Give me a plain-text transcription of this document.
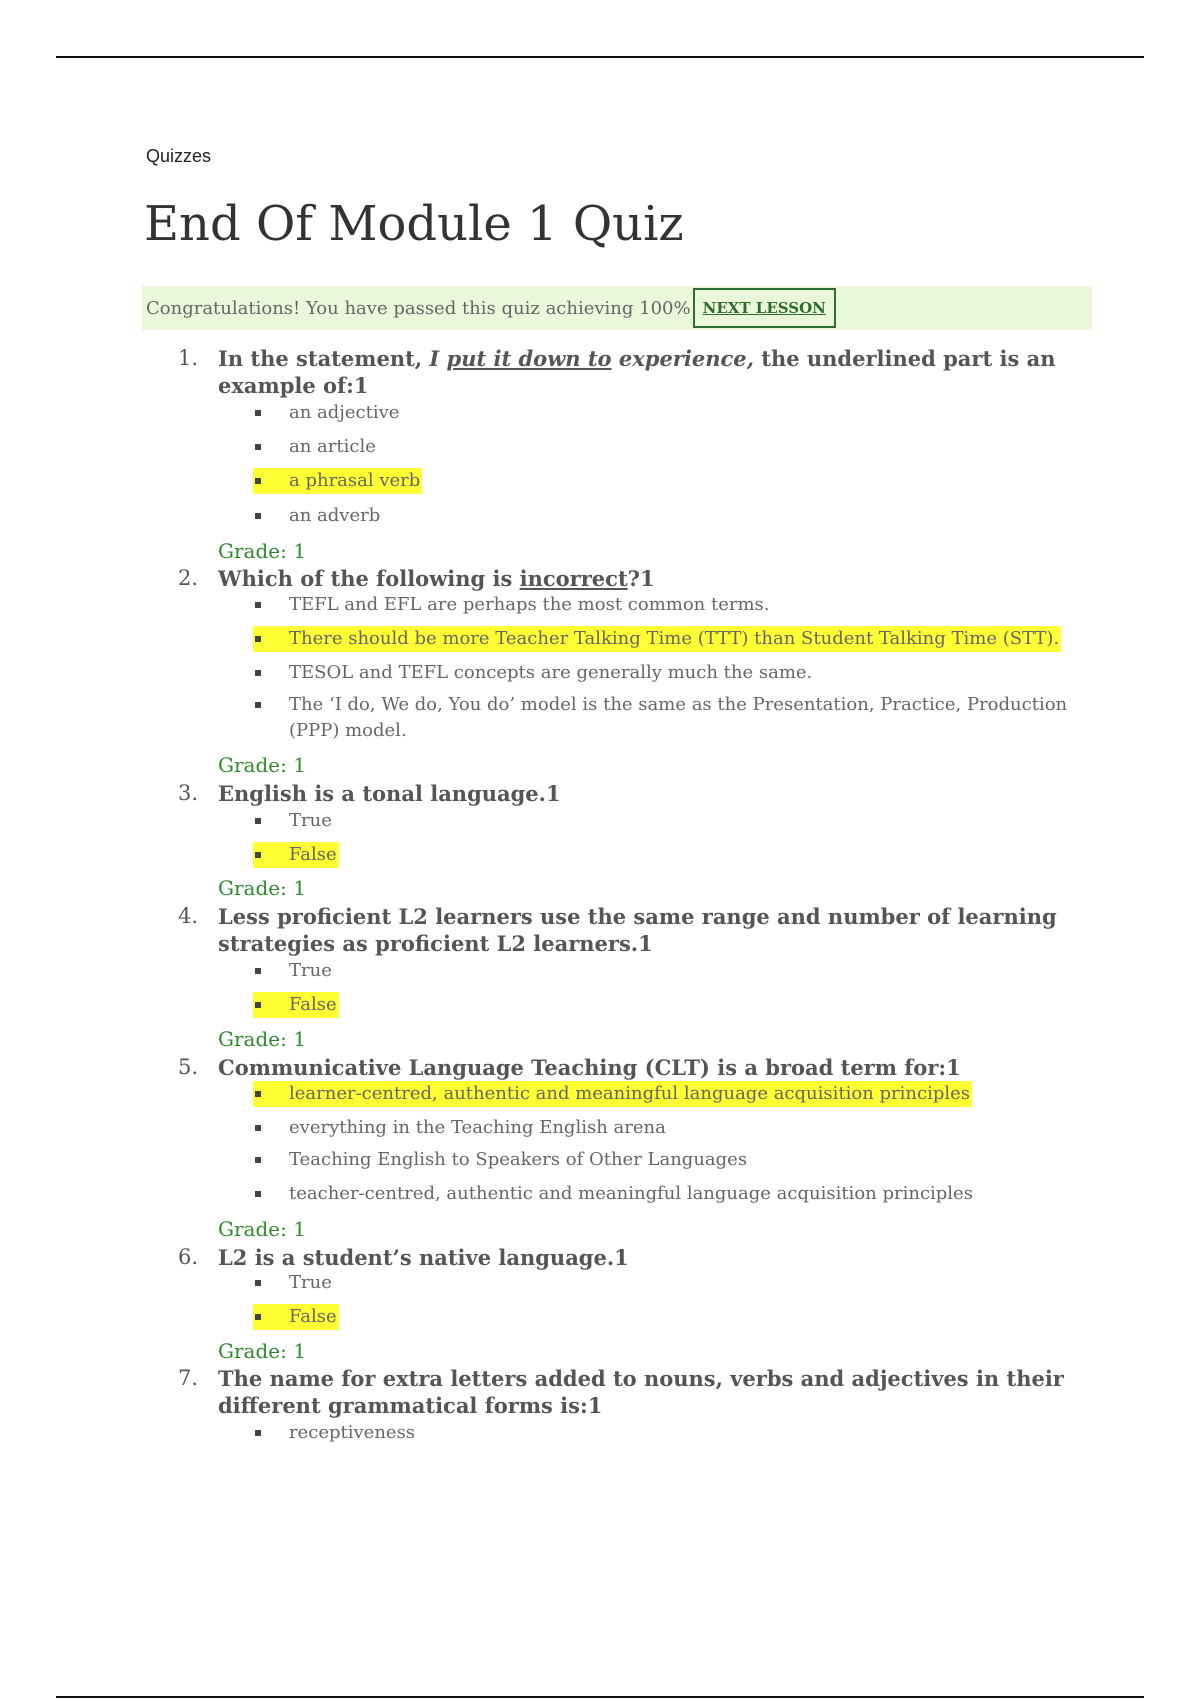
Quizzes
End Of Module 1 Quiz
Congratulations! You have passed this quiz achieving 100% NEXT LESSON
1. In the statement, I put it down to experience, the underlined part is an example of:1
an adjective
an article
a phrasal verb
an adverb
Grade: 1
2. Which of the following is incorrect?1
TEFL and EFL are perhaps the most common terms.
There should be more Teacher Talking Time (TTT) than Student Talking Time (STT).
TESOL and TEFL concepts are generally much the same.
The ‘I do, We do, You do’ model is the same as the Presentation, Practice, Production (PPP) model.
Grade: 1
3. English is a tonal language.1
True
False
Grade: 1
4. Less proficient L2 learners use the same range and number of learning strategies as proficient L2 learners.1
True
False
Grade: 1
5. Communicative Language Teaching (CLT) is a broad term for:1
learner-centred, authentic and meaningful language acquisition principles
everything in the Teaching English arena
Teaching English to Speakers of Other Languages
teacher-centred, authentic and meaningful language acquisition principles
Grade: 1
6. L2 is a student’s native language.1
True
False
Grade: 1
7. The name for extra letters added to nouns, verbs and adjectives in their different grammatical forms is:1
receptiveness
